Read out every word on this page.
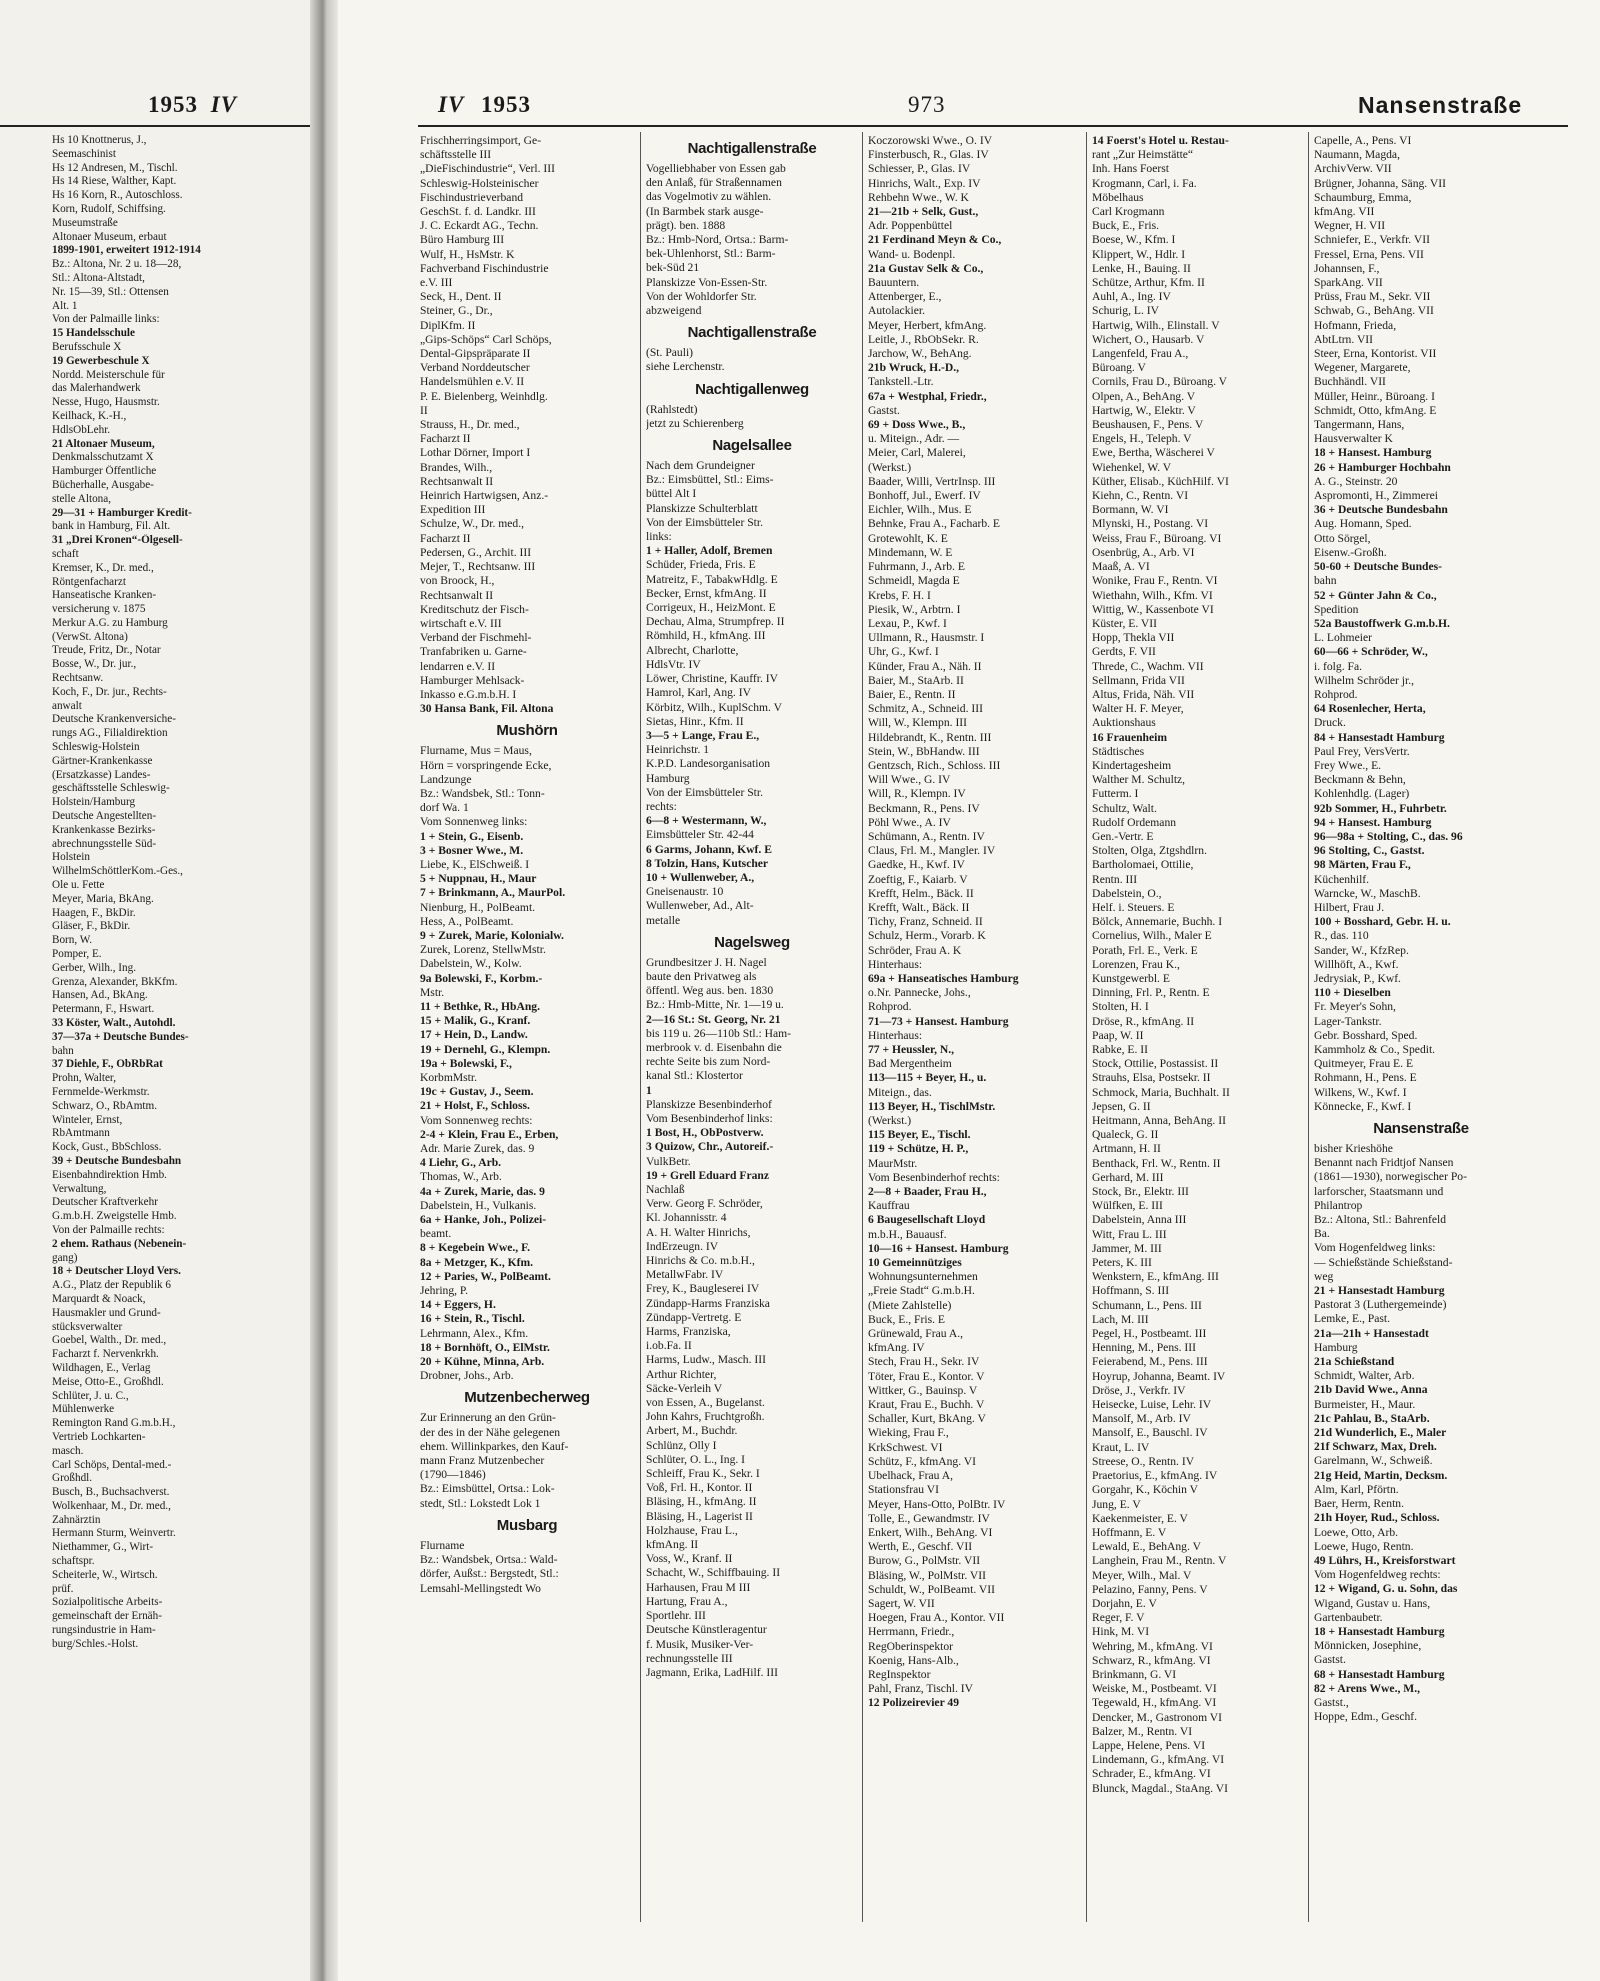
1953 IV
Hs 10 Knottnerus, J.,
Seemaschinist
Hs 12 Andresen, M., Tischl.
Hs 14 Riese, Walther, Kapt.
Hs 16 Korn, R., Autoschloss.
Korn, Rudolf, Schiffsing.
Museumstraße
Altonaer Museum, erbaut
1899-1901, erweitert 1912-1914
Bz.: Altona, Nr. 2 u. 18—28,
Stl.: Altona-Altstadt,
Nr. 15—39, Stl.: Ottensen
Alt. 1
Von der Palmaille links:
15 Handelsschule
Berufsschule X
19 Gewerbeschule X
Nordd. Meisterschule für
das Malerhandwerk
Nesse, Hugo, Hausmstr.
Keilhack, K.-H.,
HdlsObLehr.
21 Altonaer Museum,
Denkmalsschutzamt X
Hamburger Öffentliche
Bücherhalle, Ausgabe-
stelle Altona,
29—31 + Hamburger Kredit-
bank in Hamburg, Fil. Alt.
31 „Drei Kronen“-Ölgesell-
schaft
Kremser, K., Dr. med.,
Röntgenfacharzt
Hanseatische Kranken-
versicherung v. 1875
Merkur A.G. zu Hamburg
(VerwSt. Altona)
Treude, Fritz, Dr., Notar
Bosse, W., Dr. jur.,
Rechtsanw.
Koch, F., Dr. jur., Rechts-
anwalt
Deutsche Krankenversiche-
rungs AG., Filialdirektion
Schleswig-Holstein
Gärtner-Krankenkasse
(Ersatzkasse) Landes-
geschäftsstelle Schleswig-
Holstein/Hamburg
Deutsche Angestellten-
Krankenkasse Bezirks-
abrechnungsstelle Süd-
Holstein
WilhelmSchöttlerKom.-Ges.,
Ole u. Fette
Meyer, Maria, BkAng.
Haagen, F., BkDir.
Gläser, F., BkDir.
Born, W.
Pomper, E.
Gerber, Wilh., Ing.
Grenza, Alexander, BkKfm.
Hansen, Ad., BkAng.
Petermann, F., Hswart.
33 Köster, Walt., Autohdl.
37—37a + Deutsche Bundes-
bahn
37 Diehle, F., ObRbRat
Prohn, Walter,
Fernmelde-Werkmstr.
Schwarz, O., RbAmtm.
Winteler, Ernst,
RbAmtmann
Kock, Gust., BbSchloss.
39 + Deutsche Bundesbahn
Eisenbahndirektion Hmb.
Verwaltung,
Deutscher Kraftverkehr
G.m.b.H. Zweigstelle Hmb.
Von der Palmaille rechts:
2 ehem. Rathaus (Nebenein-
gang)
18 + Deutscher Lloyd Vers.
A.G., Platz der Republik 6
Marquardt & Noack,
Hausmakler und Grund-
stücksverwalter
Goebel, Walth., Dr. med.,
Facharzt f. Nervenkrkh.
Wildhagen, E., Verlag
Meise, Otto-E., Großhdl.
Schlüter, J. u. C.,
Mühlenwerke
Remington Rand G.m.b.H.,
Vertrieb Lochkarten-
masch.
Carl Schöps, Dental-med.-
Großhdl.
Busch, B., Buchsachverst.
Wolkenhaar, M., Dr. med.,
Zahnärztin
Hermann Sturm, Weinvertr.
Niethammer, G., Wirt-
schaftspr.
Scheiterle, W., Wirtsch.
prüf.
Sozialpolitische Arbeits-
gemeinschaft der Ernäh-
rungsindustrie in Ham-
burg/Schles.-Holst.
IV 1953	973	Nansenstraße
Frischherringsimport, Ge-
schäftsstelle III
„DieFischindustrie“, Verl. III
Schleswig-Holsteinischer
Fischindustrieverband
GeschSt. f. d. Landkr. III
J. C. Eckardt AG., Techn.
Büro Hamburg III
Wulf, H., HsMstr. K
Fachverband Fischindustrie
e.V. III
Seck, H., Dent. II
Steiner, G., Dr.,
DiplKfm. II
„Gips-Schöps“ Carl Schöps,
Dental-Gipspräparate II
Verband Norddeutscher
Handelsmühlen e.V. II
P. E. Bielenberg, Weinhdlg.
II
Strauss, H., Dr. med.,
Facharzt II
Lothar Dörner, Import I
Brandes, Wilh.,
Rechtsanwalt II
Heinrich Hartwigsen, Anz.-
Expedition III
Schulze, W., Dr. med.,
Facharzt II
Pedersen, G., Archit. III
Mejer, T., Rechtsanw. III
von Broock, H.,
Rechtsanwalt II
Kreditschutz der Fisch-
wirtschaft e.V. III
Verband der Fischmehl-
Tranfabriken u. Garne-
lendarren e.V. II
Hamburger Mehlsack-
Inkasso e.G.m.b.H. I
30 Hansa Bank, Fil. Altona
Mushörn
Flurname, Mus = Maus,
Hörn = vorspringende Ecke,
Landzunge
Bz.: Wandsbek, Stl.: Tonn-
dorf Wa. 1
Vom Sonnenweg links:
1 + Stein, G., Eisenb.
3 + Bosner Wwe., M.
Liebe, K., ElSchweiß. I
5 + Nuppnau, H., Maur
7 + Brinkmann, A., MaurPol.
Nienburg, H., PolBeamt.
Hess, A., PolBeamt.
9 + Zurek, Marie, Kolonialw.
Zurek, Lorenz, StellwMstr.
Dabelstein, W., Kolw.
9a Bolewski, F., Korbm.-
Mstr.
11 + Bethke, R., HbAng.
15 + Malik, G., Kranf.
17 + Hein, D., Landw.
19 + Dernehl, G., Klempn.
19a + Bolewski, F.,
KorbmMstr.
19c + Gustav, J., Seem.
21 + Holst, F., Schloss.
Vom Sonnenweg rechts:
2-4 + Klein, Frau E., Erben,
Adr. Marie Zurek, das. 9
4 Liehr, G., Arb.
Thomas, W., Arb.
4a + Zurek, Marie, das. 9
Dabelstein, H., Vulkanis.
6a + Hanke, Joh., Polizei-
beamt.
8 + Kegebein Wwe., F.
8a + Metzger, K., Kfm.
12 + Paries, W., PolBeamt.
Jehring, P.
14 + Eggers, H.
16 + Stein, R., Tischl.
Lehrmann, Alex., Kfm.
18 + Bornhöft, O., ElMstr.
20 + Kühne, Minna, Arb.
Drobner, Johs., Arb.
Mutzenbecherweg
Zur Erinnerung an den Grün-
der des in der Nähe gelegenen
ehem. Willinkparkes, den Kauf-
mann Franz Mutzenbecher
(1790—1846)
Bz.: Eimsbüttel, Ortsa.: Lok-
stedt, Stl.: Lokstedt Lok 1
Musbarg
Flurname
Bz.: Wandsbek, Ortsa.: Wald-
dörfer, Außst.: Bergstedt, Stl.:
Lemsahl-Mellingstedt Wo
Nachtigallenstraße
Vogelliebhaber von Essen gab
den Anlaß, für Straßennamen
das Vogelmotiv zu wählen.
(In Barmbek stark ausge-
prägt). ben. 1888
Bz.: Hmb-Nord, Ortsa.: Barm-
bek-Uhlenhorst, Stl.: Barm-
bek-Süd 21
Planskizze Von-Essen-Str.
Von der Wohldorfer Str.
abzweigend
Nachtigallenstraße
(St. Pauli)
siehe Lerchenstr.
Nachtigallenweg
(Rahlstedt)
jetzt zu Schierenberg
Nagelsallee
Nach dem Grundeigner
Bz.: Eimsbüttel, Stl.: Eims-
büttel Alt I
Planskizze Schulterblatt
Von der Eimsbütteler Str.
links:
1 + Haller, Adolf, Bremen
Schüder, Frieda, Fris. E
Matreitz, F., TabakwHdlg. E
Becker, Ernst, kfmAng. II
Corrigeux, H., HeizMont. E
Dechau, Alma, Strumpfrep. II
Römhild, H., kfmAng. III
Albrecht, Charlotte,
HdlsVtr. IV
Löwer, Christine, Kauffr. IV
Hamrol, Karl, Ang. IV
Körbitz, Wilh., KuplSchm. V
Sietas, Hinr., Kfm. II
3—5 + Lange, Frau E.,
Heinrichstr. 1
K.P.D. Landesorganisation
Hamburg
Von der Eimsbütteler Str.
rechts:
6—8 + Westermann, W.,
Eimsbütteler Str. 42-44
6 Garms, Johann, Kwf. E
8 Tolzin, Hans, Kutscher
10 + Wullenweber, A.,
Gneisenaustr. 10
Wullenweber, Ad., Alt-
metalle
Nagelsweg
Grundbesitzer J. H. Nagel
baute den Privatweg als
öffentl. Weg aus. ben. 1830
Bz.: Hmb-Mitte, Nr. 1—19 u.
2—16 St.: St. Georg, Nr. 21
bis 119 u. 26—110b Stl.: Ham-
merbrook v. d. Eisenbahn die
rechte Seite bis zum Nord-
kanal Stl.: Klostertor
1
Planskizze Besenbinderhof
Vom Besenbinderhof links:
1 Bost, H., ObPostverw.
3 Quizow, Chr., Autoreif.-
VulkBetr.
19 + Grell Eduard Franz
Nachlaß
Verw. Georg F. Schröder,
Kl. Johannisstr. 4
A. H. Walter Hinrichs,
IndErzeugn. IV
Hinrichs & Co. m.b.H.,
MetallwFabr. IV
Frey, K., Baugleserei IV
Zündapp-Harms Franziska
Zündapp-Vertretg. E
Harms, Franziska,
i.ob.Fa. II
Harms, Ludw., Masch. III
Arthur Richter,
Säcke-Verleih V
von Essen, A., Bugelanst.
John Kahrs, Fruchtgroßh.
Arbert, M., Buchdr.
Schlünz, Olly I
Schlüter, O. L., Ing. I
Schleiff, Frau K., Sekr. I
Voß, Frl. H., Kontor. II
Bläsing, H., kfmAng. II
Bläsing, H., Lagerist II
Holzhause, Frau L.,
kfmAng. II
Voss, W., Kranf. II
Schacht, W., Schiffbauing. II
Harhausen, Frau M III
Hartung, Frau A.,
Sportlehr. III
Deutsche Künstleragentur
f. Musik, Musiker-Ver-
rechnungsstelle III
Jagmann, Erika, LadHilf. III
Koczorowski Wwe., O. IV
Finsterbusch, R., Glas. IV
Schiesser, P., Glas. IV
Hinrichs, Walt., Exp. IV
Rehbehn Wwe., W. K
21—21b + Selk, Gust.,
Adr. Poppenbüttel
21 Ferdinand Meyn & Co.,
Wand- u. Bodenpl.
21a Gustav Selk & Co.,
Bauuntern.
Attenberger, E.,
Autolackier.
Meyer, Herbert, kfmAng.
Leitle, J., RbObSekr. R.
Jarchow, W., BehAng.
21b Wruck, H.-D.,
Tankstell.-Ltr.
67a + Westphal, Friedr.,
Gastst.
69 + Doss Wwe., B.,
u. Miteign., Adr. —
Meier, Carl, Malerei,
(Werkst.)
Baader, Willi, VertrInsp. III
Bonhoff, Jul., Ewerf. IV
Eichler, Wilh., Mus. E
Behnke, Frau A., Facharb. E
Grotewohlt, K. E
Mindemann, W. E
Fuhrmann, J., Arb. E
Schmeidl, Magda E
Krebs, F. H. I
Piesik, W., Arbtrn. I
Lexau, P., Kwf. I
Ullmann, R., Hausmstr. I
Uhr, G., Kwf. I
Künder, Frau A., Näh. II
Baier, M., StaArb. II
Baier, E., Rentn. II
Schmitz, A., Schneid. III
Will, W., Klempn. III
Hildebrandt, K., Rentn. III
Stein, W., BbHandw. III
Gentzsch, Rich., Schloss. III
Will Wwe., G. IV
Will, R., Klempn. IV
Beckmann, R., Pens. IV
Pöhl Wwe., A. IV
Schümann, A., Rentn. IV
Claus, Frl. M., Mangler. IV
Gaedke, H., Kwf. IV
Zoeftig, F., Kaiarb. V
Krefft, Helm., Bäck. II
Krefft, Walt., Bäck. II
Tichy, Franz, Schneid. II
Schulz, Herm., Vorarb. K
Schröder, Frau A. K
Hinterhaus:
69a + Hanseatisches Hamburg
o.Nr. Pannecke, Johs.,
Rohprod.
71—73 + Hansest. Hamburg
Hinterhaus:
77 + Heussler, N.,
Bad Mergentheim
113—115 + Beyer, H., u.
Miteign., das.
113 Beyer, H., TischlMstr.
(Werkst.)
115 Beyer, E., Tischl.
119 + Schütze, H. P.,
MaurMstr.
Vom Besenbinderhof rechts:
2—8 + Baader, Frau H.,
Kauffrau
6 Baugesellschaft Lloyd
m.b.H., Bauausf.
10—16 + Hansest. Hamburg
10 Gemeinnütziges
Wohnungsunternehmen
„Freie Stadt“ G.m.b.H.
(Miete Zahlstelle)
Buck, E., Fris. E
Grünewald, Frau A.,
kfmAng. IV
Stech, Frau H., Sekr. IV
Töter, Frau E., Kontor. V
Wittker, G., Bauinsp. V
Kraut, Frau E., Buchh. V
Schaller, Kurt, BkAng. V
Wieking, Frau F.,
KrkSchwest. VI
Schütz, F., kfmAng. VI
Ubelhack, Frau A,
Stationsfrau VI
Meyer, Hans-Otto, PolBtr. IV
Tolle, E., Gewandmstr. IV
Enkert, Wilh., BehAng. VI
Werth, E., Geschf. VII
Burow, G., PolMstr. VII
Bläsing, W., PolMstr. VII
Schuldt, W., PolBeamt. VII
Sagert, W. VII
Hoegen, Frau A., Kontor. VII
Herrmann, Friedr.,
RegOberinspektor
Koenig, Hans-Alb.,
RegInspektor
Pahl, Franz, Tischl. IV
12 Polizeirevier 49
14 Foerst's Hotel u. Restau-
rant „Zur Heimstätte“
Inh. Hans Foerst
Krogmann, Carl, i. Fa.
Möbelhaus
Carl Krogmann
Buck, E., Fris.
Boese, W., Kfm. I
Klippert, W., Hdlr. I
Lenke, H., Bauing. II
Schütze, Arthur, Kfm. II
Auhl, A., Ing. IV
Schurig, L. IV
Hartwig, Wilh., Elinstall. V
Wichert, O., Hausarb. V
Langenfeld, Frau A.,
Büroang. V
Cornils, Frau D., Büroang. V
Olpen, A., BehAng. V
Hartwig, W., Elektr. V
Beushausen, F., Pens. V
Engels, H., Teleph. V
Ewe, Bertha, Wäscherei V
Wiehenkel, W. V
Küther, Elisab., KüchHilf. VI
Kiehn, C., Rentn. VI
Bormann, W. VI
Mlynski, H., Postang. VI
Weiss, Frau F., Büroang. VI
Osenbrüg, A., Arb. VI
Maaß, A. VI
Wonike, Frau F., Rentn. VI
Wiethahn, Wilh., Kfm. VI
Wittig, W., Kassenbote VI
Küster, E. VII
Hopp, Thekla VII
Gerdts, F. VII
Threde, C., Wachm. VII
Sellmann, Frida VII
Altus, Frida, Näh. VII
Walter H. F. Meyer,
Auktionshaus
16 Frauenheim
Städtisches
Kindertagesheim
Walther M. Schultz,
Futterm. I
Schultz, Walt.
Rudolf Ordemann
Gen.-Vertr. E
Stolten, Olga, Ztgshdlrn.
Bartholomaei, Ottilie,
Rentn. III
Dabelstein, O.,
Helf. i. Steuers. E
Bölck, Annemarie, Buchh. I
Cornelius, Wilh., Maler E
Porath, Frl. E., Verk. E
Lorenzen, Frau K.,
Kunstgewerbl. E
Dinning, Frl. P., Rentn. E
Stolten, H. I
Dröse, R., kfmAng. II
Paap, W. II
Rabke, E. II
Stock, Ottilie, Postassist. II
Strauhs, Elsa, Postsekr. II
Schmock, Maria, Buchhalt. II
Jepsen, G. II
Heitmann, Anna, BehAng. II
Qualeck, G. II
Artmann, H. II
Benthack, Frl. W., Rentn. II
Gerhard, M. III
Stock, Br., Elektr. III
Wülfken, E. III
Dabelstein, Anna III
Witt, Frau L. III
Jammer, M. III
Peters, K. III
Wenkstern, E., kfmAng. III
Hoffmann, S. III
Schumann, L., Pens. III
Lach, M. III
Pegel, H., Postbeamt. III
Henning, M., Pens. III
Feierabend, M., Pens. III
Hoyrup, Johanna, Beamt. IV
Dröse, J., Verkfr. IV
Heisecke, Luise, Lehr. IV
Mansolf, M., Arb. IV
Mansolf, E., Bauschl. IV
Kraut, L. IV
Streese, O., Rentn. IV
Praetorius, E., kfmAng. IV
Gorgahr, K., Köchin V
Jung, E. V
Kaekenmeister, E. V
Hoffmann, E. V
Lewald, E., BehAng. V
Langhein, Frau M., Rentn. V
Meyer, Wilh., Mal. V
Pelazino, Fanny, Pens. V
Dorjahn, E. V
Reger, F. V
Hink, M. VI
Wehring, M., kfmAng. VI
Schwarz, R., kfmAng. VI
Brinkmann, G. VI
Weiske, M., Postbeamt. VI
Tegewald, H., kfmAng. VI
Dencker, M., Gastronom VI
Balzer, M., Rentn. VI
Lappe, Helene, Pens. VI
Lindemann, G., kfmAng. VI
Schrader, E., kfmAng. VI
Blunck, Magdal., StaAng. VI
Capelle, A., Pens. VI
Naumann, Magda,
ArchivVerw. VII
Brügner, Johanna, Säng. VII
Schaumburg, Emma,
kfmAng. VII
Wegner, H. VII
Schniefer, E., Verkfr. VII
Fressel, Erna, Pens. VII
Johannsen, F.,
SparkAng. VII
Prüss, Frau M., Sekr. VII
Schwab, G., BehAng. VII
Hofmann, Frieda,
AbtLtrn. VII
Steer, Erna, Kontorist. VII
Wegener, Margarete,
Buchhändl. VII
Müller, Heinr., Büroang. I
Schmidt, Otto, kfmAng. E
Tangermann, Hans,
Hausverwalter K
18 + Hansest. Hamburg
26 + Hamburger Hochbahn
A. G., Steinstr. 20
Aspromonti, H., Zimmerei
36 + Deutsche Bundesbahn
Aug. Homann, Sped.
Otto Sörgel,
Eisenw.-Großh.
50-60 + Deutsche Bundes-
bahn
52 + Günter Jahn & Co.,
Spedition
52a Baustoffwerk G.m.b.H.
L. Lohmeier
60—66 + Schröder, W.,
i. folg. Fa.
Wilhelm Schröder jr.,
Rohprod.
64 Rosenlecher, Herta,
Druck.
84 + Hansestadt Hamburg
Paul Frey, VersVertr.
Frey Wwe., E.
Beckmann & Behn,
Kohlenhdlg. (Lager)
92b Sommer, H., Fuhrbetr.
94 + Hansest. Hamburg
96—98a + Stolting, C., das. 96
96 Stolting, C., Gastst.
98 Märten, Frau F.,
Küchenhilf.
Warncke, W., MaschB.
Hilbert, Frau J.
100 + Bosshard, Gebr. H. u.
R., das. 110
Sander, W., KfzRep.
Willhöft, A., Kwf.
Jedrysiak, P., Kwf.
110 + Dieselben
Fr. Meyer's Sohn,
Lager-Tankstr.
Gebr. Bosshard, Sped.
Kammholz & Co., Spedit.
Quitmeyer, Frau E. E
Rohmann, H., Pens. E
Wilkens, W., Kwf. I
Könnecke, F., Kwf. I
Nansenstraße
bisher Krieshöhe
Benannt nach Fridtjof Nansen
(1861—1930), norwegischer Po-
larforscher, Staatsmann und
Philantrop
Bz.: Altona, Stl.: Bahrenfeld
Ba.
Vom Hogenfeldweg links:
— Schießstände Schießstand-
weg
21 + Hansestadt Hamburg
Pastorat 3 (Luthergemeinde)
Lemke, E., Past.
21a—21h + Hansestadt
Hamburg
21a Schießstand
Schmidt, Walter, Arb.
21b David Wwe., Anna
Burmeister, H., Maur.
21c Pahlau, B., StaArb.
21d Wunderlich, E., Maler
21f Schwarz, Max, Dreh.
Garelmann, W., Schweiß.
21g Heid, Martin, Decksm.
Alm, Karl, Pförtn.
Baer, Herm, Rentn.
21h Hoyer, Rud., Schloss.
Loewe, Otto, Arb.
Loewe, Hugo, Rentn.
49 Lührs, H., Kreisforstwart
Vom Hogenfeldweg rechts:
12 + Wigand, G. u. Sohn, das
Wigand, Gustav u. Hans,
Gartenbaubetr.
18 + Hansestadt Hamburg
Mönnicken, Josephine,
Gastst.
68 + Hansestadt Hamburg
82 + Arens Wwe., M.,
Gastst.,
Hoppe, Edm., Geschf.
